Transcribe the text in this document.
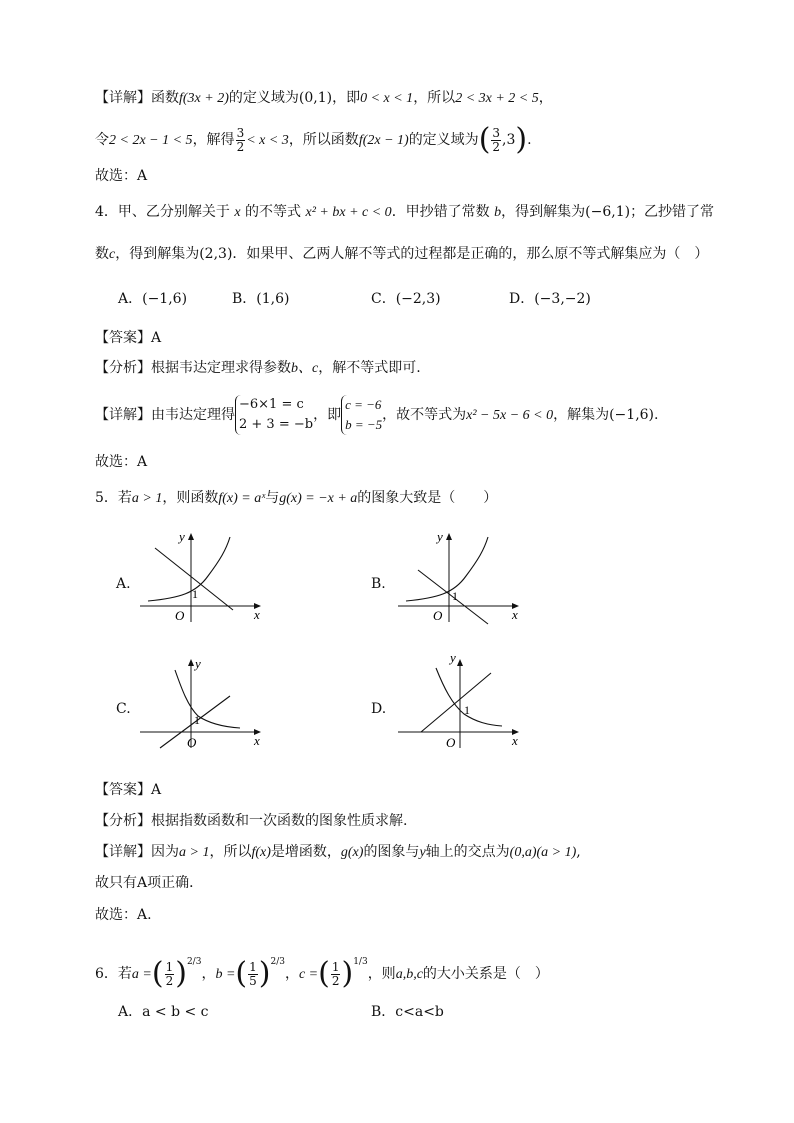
【详解】函数f(3x + 2)的定义域为(0,1)，即0 < x < 1，所以2 < 3x + 2 < 5，
令2 < 2x − 1 < 5，解得 $\frac{3}{2} < x < 3$，所以函数f(2x − 1)的定义域为( $\frac{3}{2} ,3$).
故选：A
4．甲、乙分别解关于 x 的不等式 x² + bx + c < 0．甲抄错了常数 b，得到解集为(−6,1)；乙抄错了常
数c，得到解集为(2,3)．如果甲、乙两人解不等式的过程都是正确的，那么原不等式解集应为（　）
A．(−1,6)	B．(1,6)	C．(−2,3)	D．(−3,−2)
【答案】A
【分析】根据韦达定理求得参数b、c，解不等式即可.
【详解】由韦达定理得
−6×1 = c
2 + 3 = −b
，即
c = −6
b = −5
，故不等式为x² − 5x − 6 < 0，解集为(−1,6).
故选：A
5．若a > 1，则函数f(x) = aˣ与g(x) = −x + a的图象大致是（　　）
A.	B.
C.	D.
y
x
O
1
y
x
O
1
y
x
O
1
y
x
O
1
【答案】A
【分析】根据指数函数和一次函数的图象性质求解.
【详解】因为a > 1，所以f(x)是增函数，g(x)的图象与y轴上的交点为(0,a)(a > 1),
故只有A项正确．
故选：A.
6．若a =( $\frac{1}{2} )^{2/3}$，b =( $\frac{1}{5} )^{2/3}$，c =( $\frac{1}{2} )^{1/3}$，则a,b,c的大小关系是（　）
A．a < b < c	B．c<a<b
